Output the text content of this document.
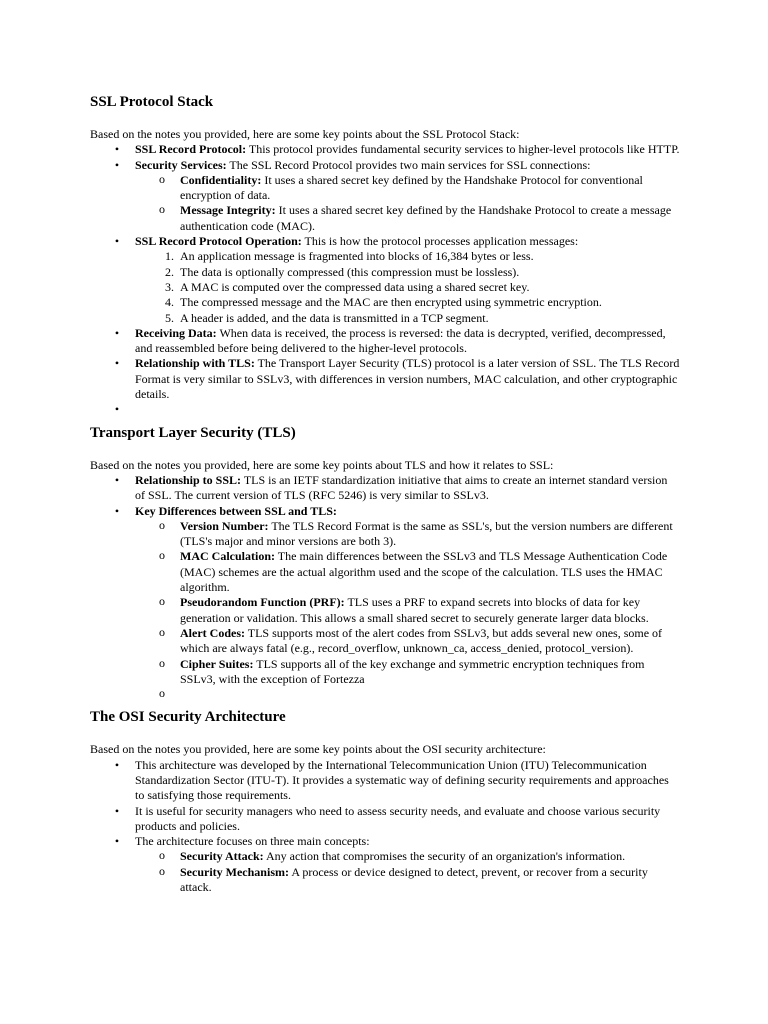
SSL Protocol Stack

Based on the notes you provided, here are some key points about the SSL Protocol Stack:

• SSL Record Protocol: This protocol provides fundamental security services to higher-level protocols like HTTP.
• Security Services: The SSL Record Protocol provides two main services for SSL connections:
o Confidentiality: It uses a shared secret key defined by the Handshake Protocol for conventional encryption of data.
o Message Integrity: It uses a shared secret key defined by the Handshake Protocol to create a message authentication code (MAC).
• SSL Record Protocol Operation: This is how the protocol processes application messages:
1. An application message is fragmented into blocks of 16,384 bytes or less.
2. The data is optionally compressed (this compression must be lossless).
3. A MAC is computed over the compressed data using a shared secret key.
4. The compressed message and the MAC are then encrypted using symmetric encryption.
5. A header is added, and the data is transmitted in a TCP segment.
• Receiving Data: When data is received, the process is reversed: the data is decrypted, verified, decompressed, and reassembled before being delivered to the higher-level protocols.
• Relationship with TLS: The Transport Layer Security (TLS) protocol is a later version of SSL. The TLS Record Format is very similar to SSLv3, with differences in version numbers, MAC calculation, and other cryptographic details.
•
Transport Layer Security (TLS)

Based on the notes you provided, here are some key points about TLS and how it relates to SSL:

• Relationship to SSL: TLS is an IETF standardization initiative that aims to create an internet standard version of SSL. The current version of TLS (RFC 5246) is very similar to SSLv3.
• Key Differences between SSL and TLS:
o Version Number: The TLS Record Format is the same as SSL's, but the version numbers are different (TLS's major and minor versions are both 3).
o MAC Calculation: The main differences between the SSLv3 and TLS Message Authentication Code (MAC) schemes are the actual algorithm used and the scope of the calculation. TLS uses the HMAC algorithm.
o Pseudorandom Function (PRF): TLS uses a PRF to expand secrets into blocks of data for key generation or validation. This allows a small shared secret to securely generate larger data blocks.
o Alert Codes: TLS supports most of the alert codes from SSLv3, but adds several new ones, some of which are always fatal (e.g., record_overflow, unknown_ca, access_denied, protocol_version).
o Cipher Suites: TLS supports all of the key exchange and symmetric encryption techniques from SSLv3, with the exception of Fortezza
o
The OSI Security Architecture

Based on the notes you provided, here are some key points about the OSI security architecture:

• This architecture was developed by the International Telecommunication Union (ITU) Telecommunication Standardization Sector (ITU-T). It provides a systematic way of defining security requirements and approaches to satisfying those requirements.
• It is useful for security managers who need to assess security needs, and evaluate and choose various security products and policies.
• The architecture focuses on three main concepts:
o Security Attack: Any action that compromises the security of an organization's information.
o Security Mechanism: A process or device designed to detect, prevent, or recover from a security attack.
